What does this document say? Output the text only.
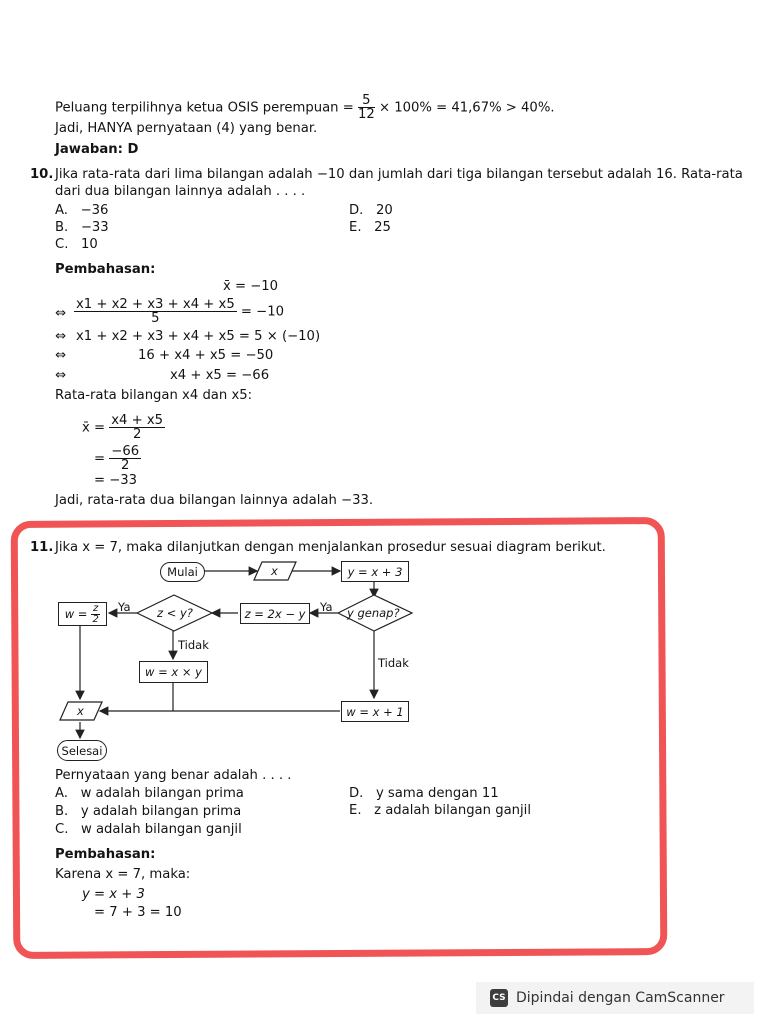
Peluang terpilihnya ketua OSIS perempuan = $\frac{5}{12} \times 100\% = 41,67\% > 40\%$.
Jadi, HANYA pernyataan (4) yang benar.
Jawaban: D
10. Jika rata-rata dari lima bilangan adalah −10 dan jumlah dari tiga bilangan tersebut adalah 16. Rata-rata
dari dua bilangan lainnya adalah . . . .
A. −36
B. −33
C. 10
D. 20
E. 25
Pembahasan:
x̄ = −10
⇔ $\frac{x1 + x2 + x3 + x4 + x5}{5} = -10$
⇔ x1 + x2 + x3 + x4 + x5 = 5 × (−10)
⇔	16 + x4 + x5 = −50
⇔	x4 + x5 = −66
Rata-rata bilangan x4 dan x5:
x̄ = $\frac{x4 + x5}{2}$
= $\frac{-66}{2}$
= −33
Jadi, rata-rata dua bilangan lainnya adalah −33.
11. Jika x = 7, maka dilanjutkan dengan menjalankan prosedur sesuai diagram berikut.
Mulai	x	y = x + 3
y genap?
Ya
z = 2x − y
z < y?
Ya
w =
$\frac{z}{2}$
Tidak
w = x × y
Tidak
w = x + 1
x
Selesai
Pernyataan yang benar adalah . . . .
A. w adalah bilangan prima
B. y adalah bilangan prima
C. w adalah bilangan ganjil
D. y sama dengan 11
E. z adalah bilangan ganjil
Pembahasan:
Karena x = 7, maka:
y = x + 3
= 7 + 3 = 10
CS Dipindai dengan CamScanner
